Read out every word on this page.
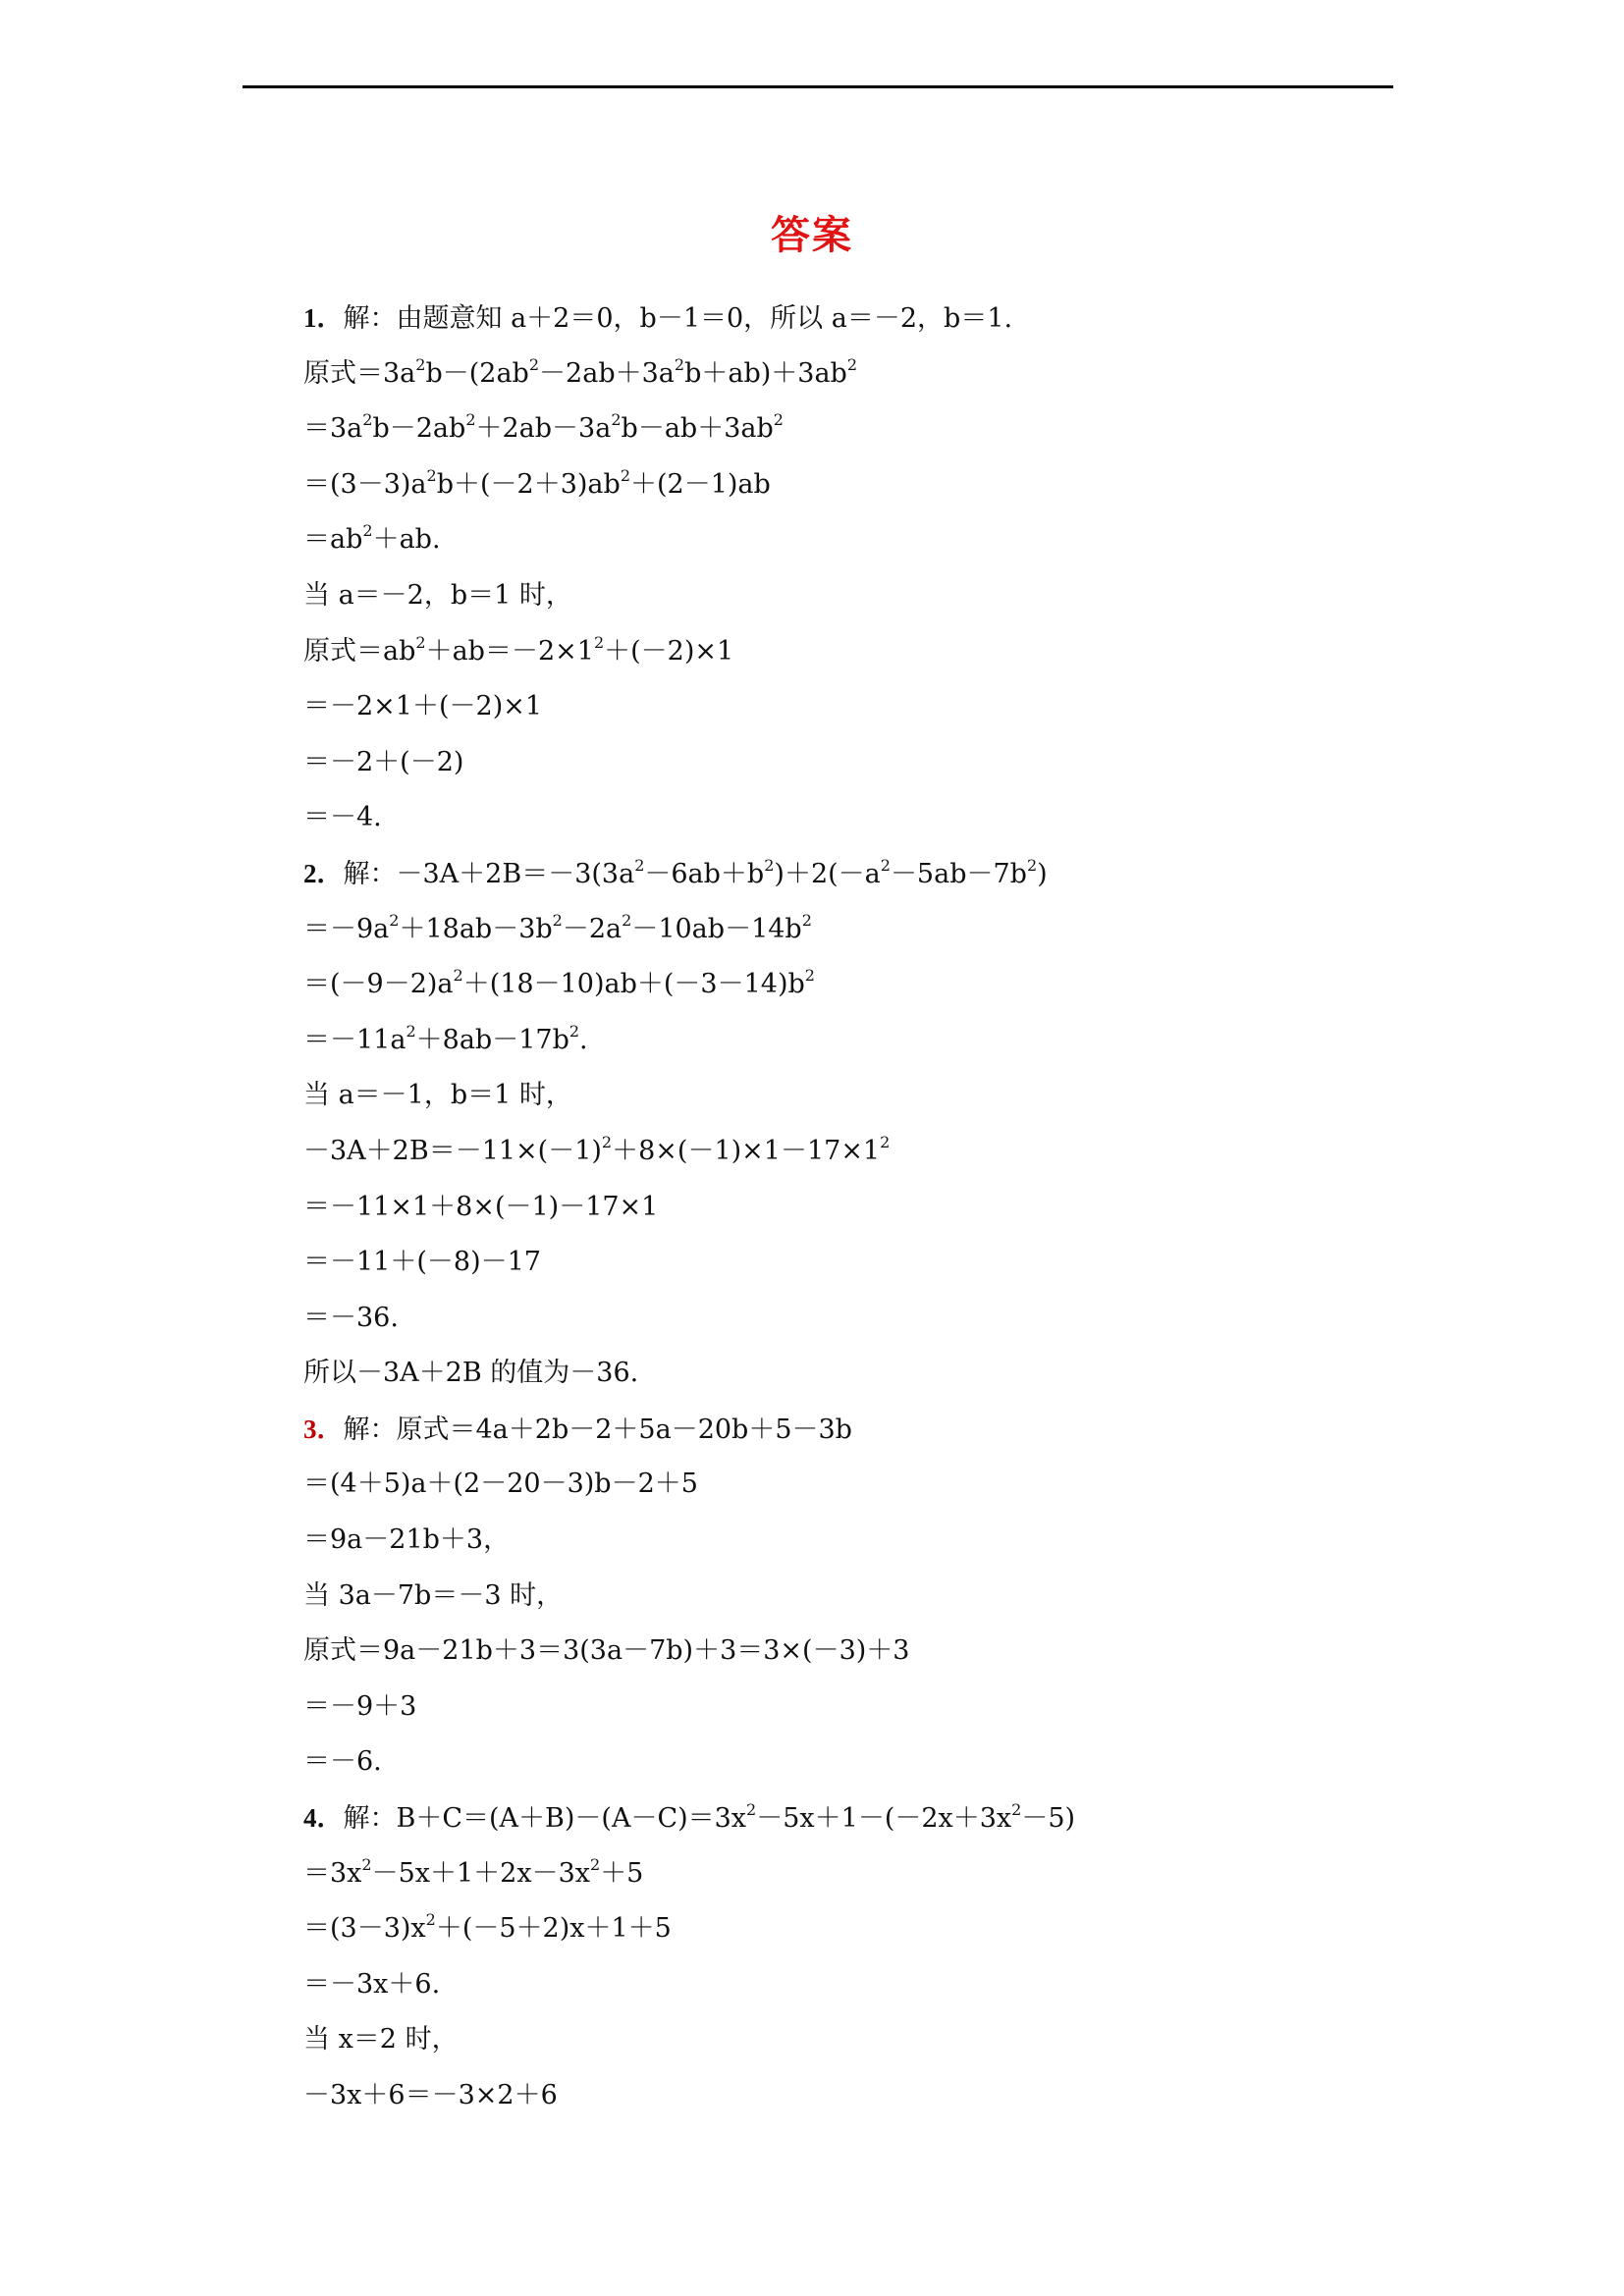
答案
1．解：由题意知 a＋2＝0，b－1＝0，所以 a＝－2，b＝1.
原式$=3a^2b-(2ab^2-2ab+3a^2b+ab)+3ab^2$
$=3a^2b-2ab^2+2ab-3a^2b-ab+3ab^2$
$=(3-3)a^2b+(-2+3)ab^2+(2-1)ab$
$=ab^2+ab$.
当 a＝－2，b＝1 时，
原式$=ab^2+ab=-2\times 1^2+(-2)\times 1$
＝－2×1＋(－2)×1
＝－2＋(－2)
＝－4.
2．解：$-3A+2B=-3(3a^2-6ab+b^2)+2(-a^2-5ab-7b^2)$
$=-9a^2+18ab-3b^2-2a^2-10ab-14b^2$
$=(-9-2)a^2+(18-10)ab+(-3-14)b^2$
$=-11a^2+8ab-17b^2$.
当 a＝－1，b＝1 时，
$-3A+2B=-11\times(-1)^2+8\times(-1)\times 1-17\times 1^2$
＝－11×1＋8×(－1)－17×1
＝－11＋(－8)－17
＝－36.
所以－3A＋2B 的值为－36.
3．解：原式＝4a＋2b－2＋5a－20b＋5－3b
＝(4＋5)a＋(2－20－3)b－2＋5
＝9a－21b＋3，
当 3a－7b＝－3 时，
原式＝9a－21b＋3＝3(3a－7b)＋3＝3×(－3)＋3
＝－9＋3
＝－6.
4．解：$B+C=(A+B)-(A-C)=3x^2-5x+1-(-2x+3x^2-5)$
$=3x^2-5x+1+2x-3x^2+5$
$=(3-3)x^2+(-5+2)x+1+5$
＝－3x＋6.
当 x＝2 时，
－3x＋6＝－3×2＋6
